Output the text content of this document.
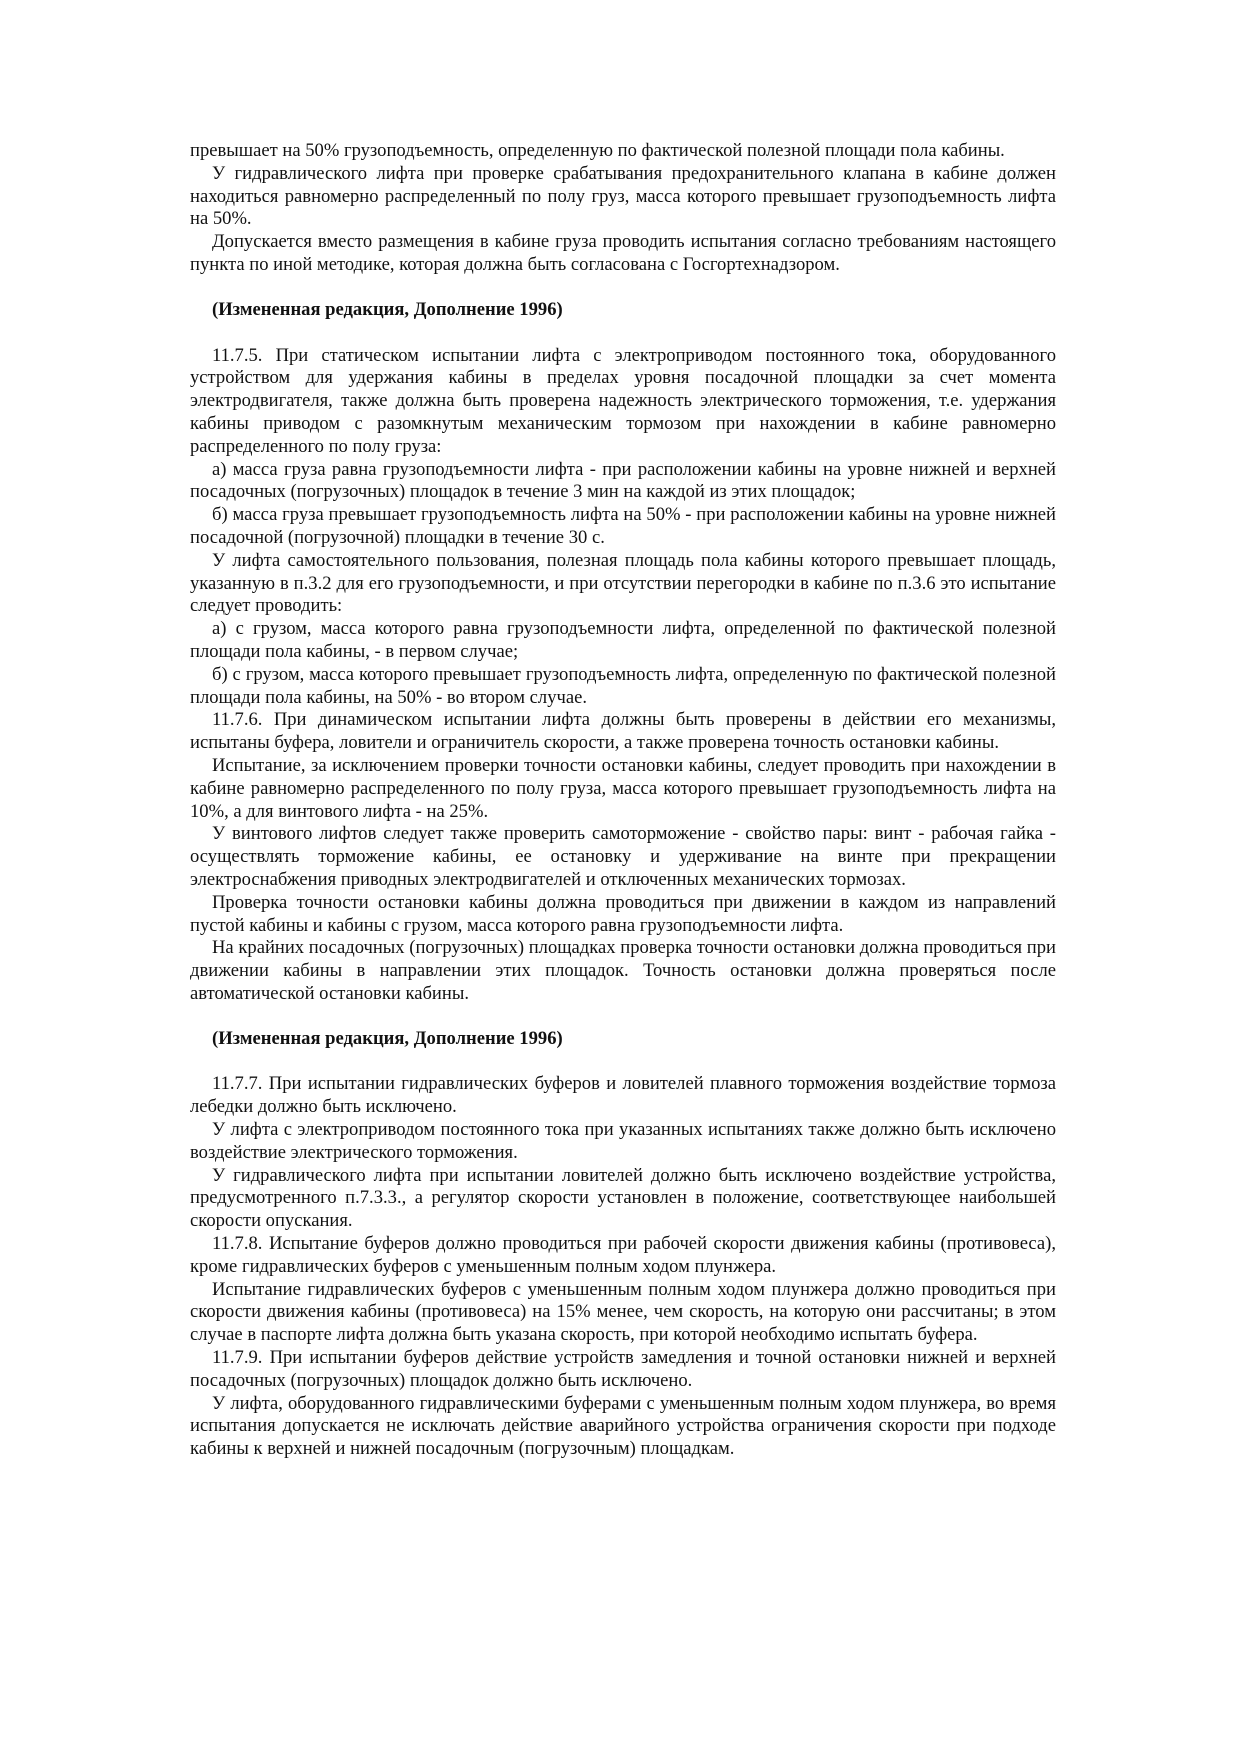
превышает на 50% грузоподъемность, определенную по фактической полезной площади пола кабины.

У гидравлического лифта при проверке срабатывания предохранительного клапана в кабине должен находиться равномерно распределенный по полу груз, масса которого превышает грузоподъемность лифта на 50%.

Допускается вместо размещения в кабине груза проводить испытания согласно требованиям настоящего пункта по иной методике, которая должна быть согласована с Госгортехнадзором.

(Измененная редакция, Дополнение 1996)

11.7.5. При статическом испытании лифта с электроприводом постоянного тока, оборудованного устройством для удержания кабины в пределах уровня посадочной площадки за счет момента электродвигателя, также должна быть проверена надежность электрического торможения, т.е. удержания кабины приводом с разомкнутым механическим тормозом при нахождении в кабине равномерно распределенного по полу груза:

а) масса груза равна грузоподъемности лифта - при расположении кабины на уровне нижней и верхней посадочных (погрузочных) площадок в течение 3 мин на каждой из этих площадок;

б) масса груза превышает грузоподъемность лифта на 50% - при расположении кабины на уровне нижней посадочной (погрузочной) площадки в течение 30 с.

У лифта самостоятельного пользования, полезная площадь пола кабины которого превышает площадь, указанную в п.3.2 для его грузоподъемности, и при отсутствии перегородки в кабине по п.3.6 это испытание следует проводить:

а) с грузом, масса которого равна грузоподъемности лифта, определенной по фактической полезной площади пола кабины, - в первом случае;

б) с грузом, масса которого превышает грузоподъемность лифта, определенную по фактической полезной площади пола кабины, на 50% - во втором случае.

11.7.6. При динамическом испытании лифта должны быть проверены в действии его механизмы, испытаны буфера, ловители и ограничитель скорости, а также проверена точность остановки кабины.

Испытание, за исключением проверки точности остановки кабины, следует проводить при нахождении в кабине равномерно распределенного по полу груза, масса которого превышает грузоподъемность лифта на 10%, а для винтового лифта - на 25%.

У винтового лифтов следует также проверить самоторможение - свойство пары: винт - рабочая гайка - осуществлять торможение кабины, ее остановку и удерживание на винте при прекращении электроснабжения приводных электродвигателей и отключенных механических тормозах.

Проверка точности остановки кабины должна проводиться при движении в каждом из направлений пустой кабины и кабины с грузом, масса которого равна грузоподъемности лифта.

На крайних посадочных (погрузочных) площадках проверка точности остановки должна проводиться при движении кабины в направлении этих площадок. Точность остановки должна проверяться после автоматической остановки кабины.

(Измененная редакция, Дополнение 1996)

11.7.7. При испытании гидравлических буферов и ловителей плавного торможения воздействие тормоза лебедки должно быть исключено.

У лифта с электроприводом постоянного тока при указанных испытаниях также должно быть исключено воздействие электрического торможения.

У гидравлического лифта при испытании ловителей должно быть исключено воздействие устройства, предусмотренного п.7.3.3., а регулятор скорости установлен в положение, соответствующее наибольшей скорости опускания.

11.7.8. Испытание буферов должно проводиться при рабочей скорости движения кабины (противовеса), кроме гидравлических буферов с уменьшенным полным ходом плунжера.

Испытание гидравлических буферов с уменьшенным полным ходом плунжера должно проводиться при скорости движения кабины (противовеса) на 15% менее, чем скорость, на которую они рассчитаны; в этом случае в паспорте лифта должна быть указана скорость, при которой необходимо испытать буфера.

11.7.9. При испытании буферов действие устройств замедления и точной остановки нижней и верхней посадочных (погрузочных) площадок должно быть исключено.

У лифта, оборудованного гидравлическими буферами с уменьшенным полным ходом плунжера, во время испытания допускается не исключать действие аварийного устройства ограничения скорости при подходе кабины к верхней и нижней посадочным (погрузочным) площадкам.
